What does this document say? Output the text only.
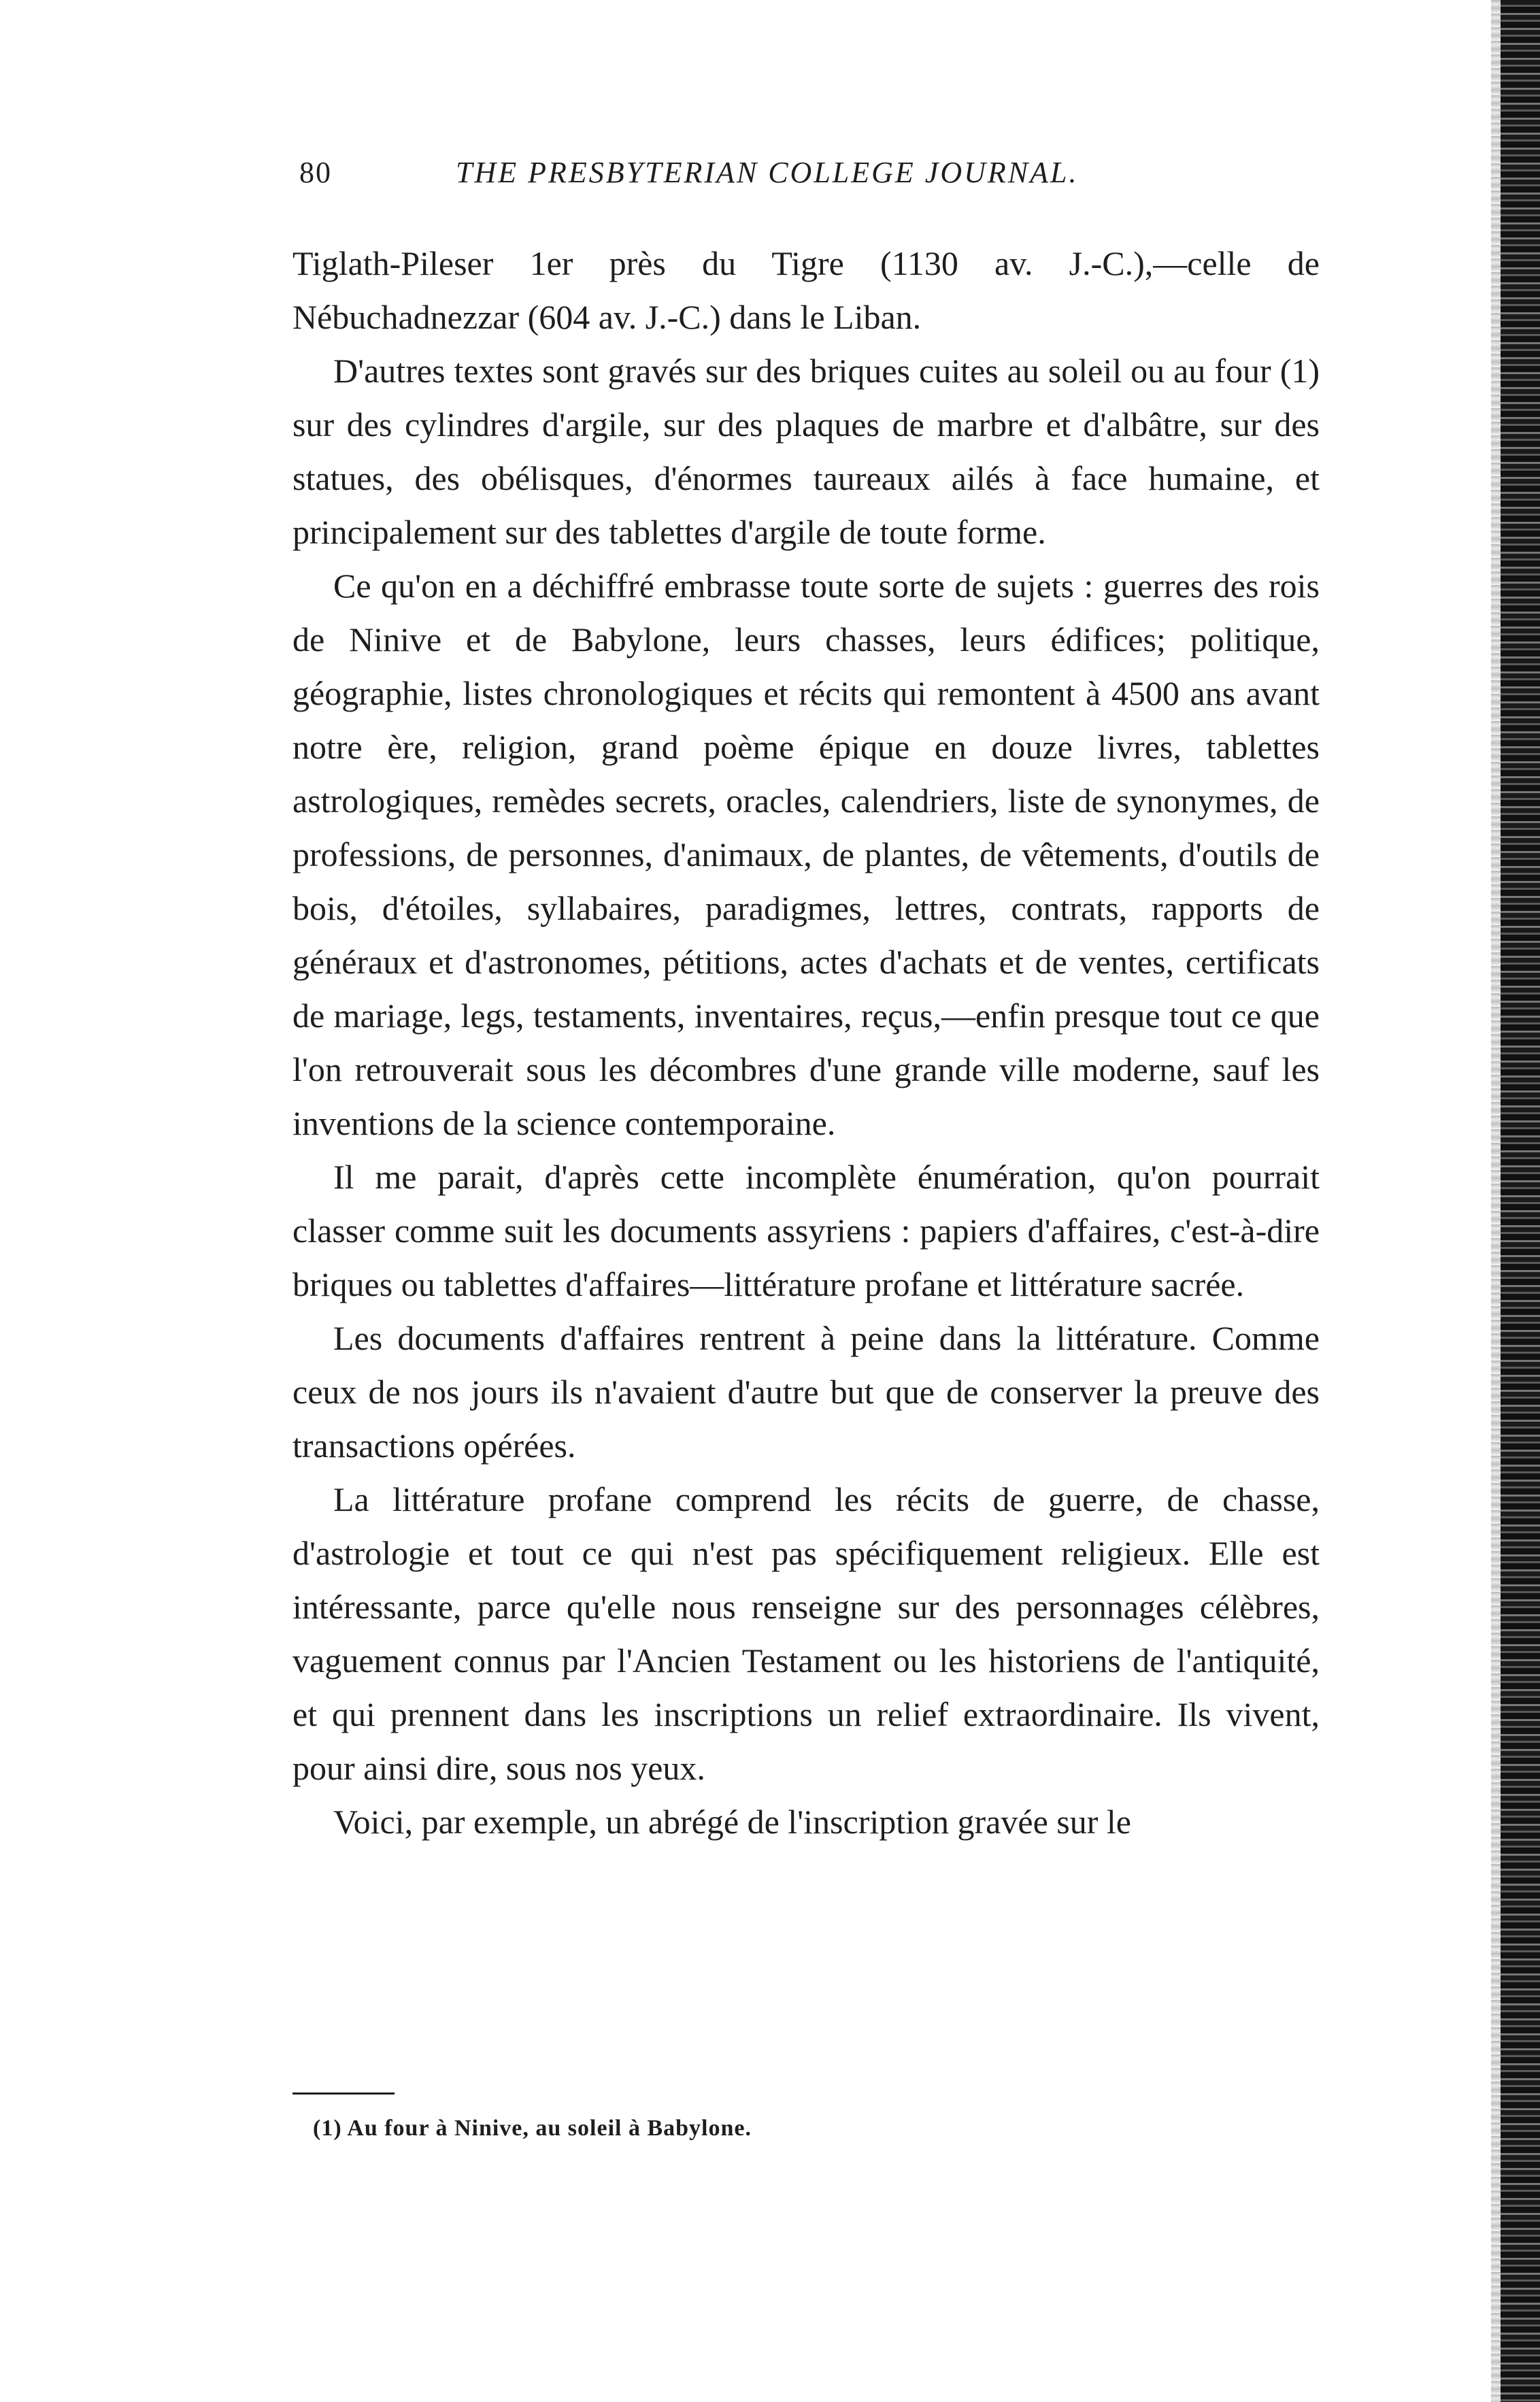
80	THE PRESBYTERIAN COLLEGE JOURNAL.

Tiglath-Pileser 1er près du Tigre (1130 av. J.-C.),—celle de Nébuchadnezzar (604 av. J.-C.) dans le Liban.

D'autres textes sont gravés sur des briques cuites au soleil ou au four (1) sur des cylindres d'argile, sur des plaques de marbre et d'albâtre, sur des statues, des obélisques, d'énormes taureaux ailés à face humaine, et principalement sur des tablettes d'argile de toute forme.

Ce qu'on en a déchiffré embrasse toute sorte de sujets : guerres des rois de Ninive et de Babylone, leurs chasses, leurs édifices; politique, géographie, listes chronologiques et récits qui remontent à 4500 ans avant notre ère, religion, grand poème épique en douze livres, tablettes astrologiques, remèdes secrets, oracles, calendriers, liste de synonymes, de professions, de personnes, d'animaux, de plantes, de vêtements, d'outils de bois, d'étoiles, syllabaires, paradigmes, lettres, contrats, rapports de généraux et d'astronomes, pétitions, actes d'achats et de ventes, certificats de mariage, legs, testaments, inventaires, reçus,—enfin presque tout ce que l'on retrouverait sous les décombres d'une grande ville moderne, sauf les inventions de la science contemporaine.

Il me parait, d'après cette incomplète énumération, qu'on pourrait classer comme suit les documents assyriens : papiers d'affaires, c'est-à-dire briques ou tablettes d'affaires—littérature profane et littérature sacrée.

Les documents d'affaires rentrent à peine dans la littérature. Comme ceux de nos jours ils n'avaient d'autre but que de conserver la preuve des transactions opérées.

La littérature profane comprend les récits de guerre, de chasse, d'astrologie et tout ce qui n'est pas spécifiquement religieux. Elle est intéressante, parce qu'elle nous renseigne sur des personnages célèbres, vaguement connus par l'Ancien Testament ou les historiens de l'antiquité, et qui prennent dans les inscriptions un relief extraordinaire. Ils vivent, pour ainsi dire, sous nos yeux.

Voici, par exemple, un abrégé de l'inscription gravée sur le

(1) Au four à Ninive, au soleil à Babylone.
